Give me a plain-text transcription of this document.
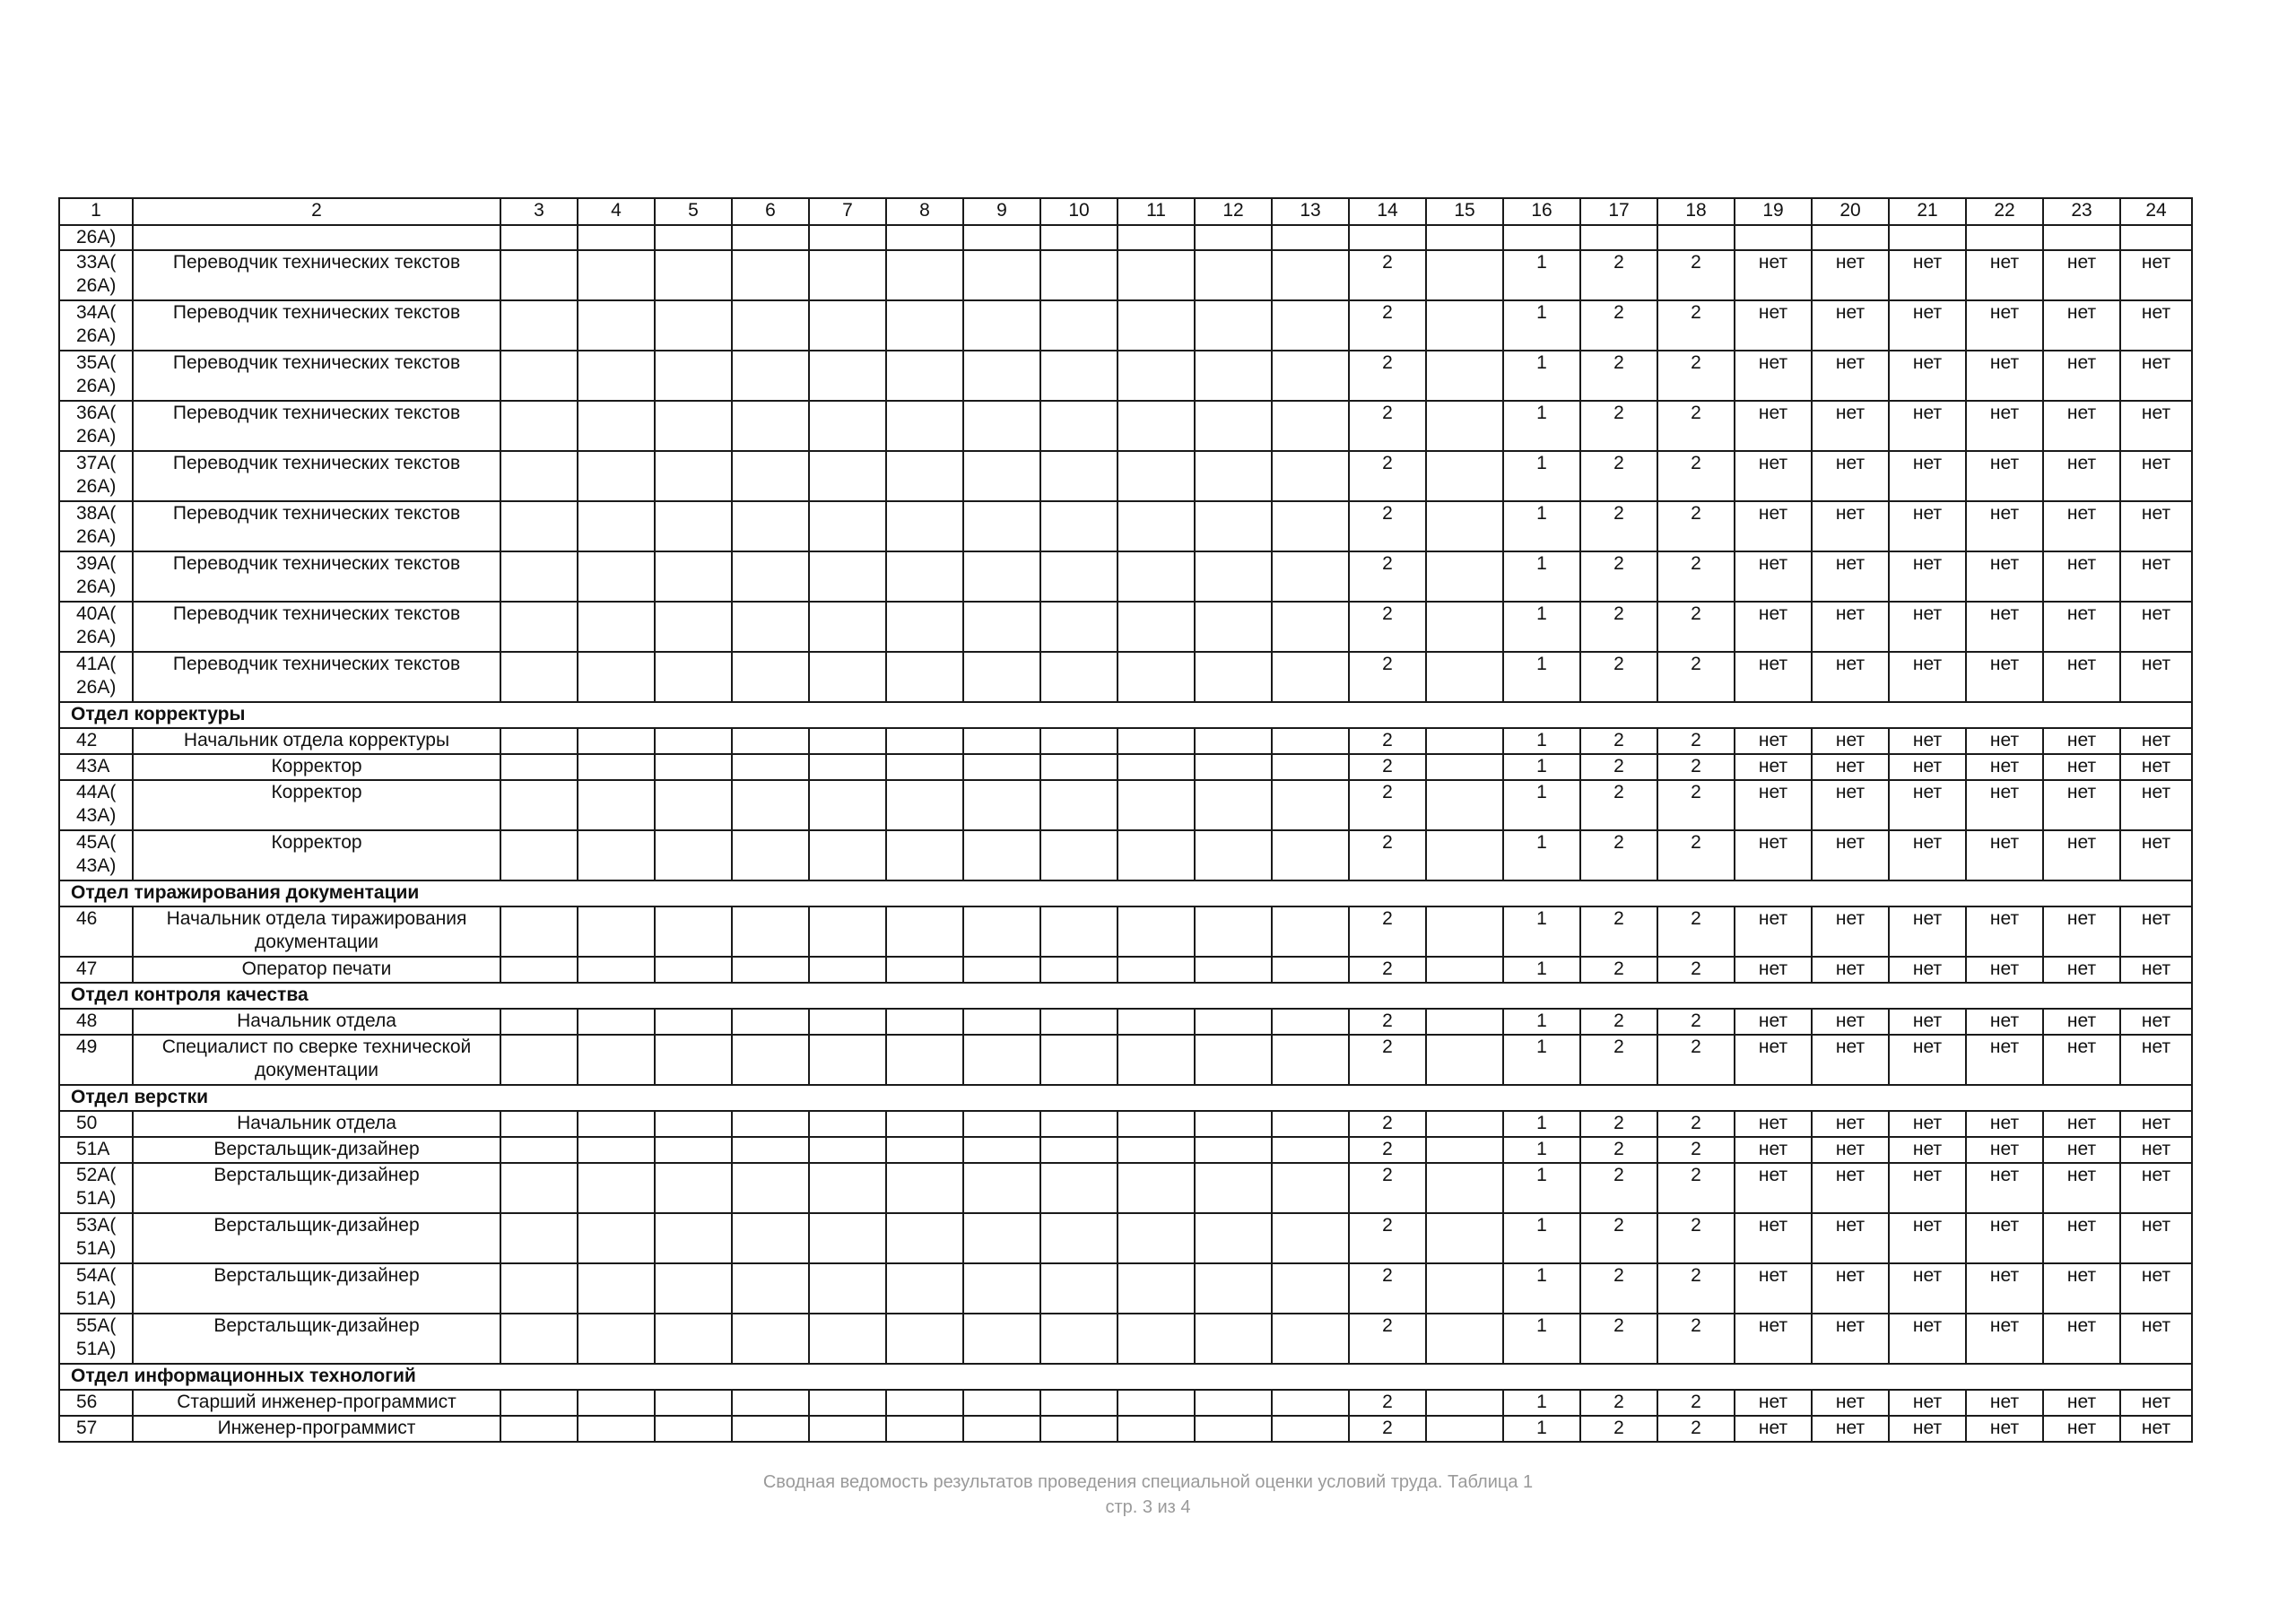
1	2	3	4	5	6	7	8	9	10	11	12	13	14	15	16	17	18	19	20	21	22	23	24
26А)																							
33А( 26А)	Переводчик технических текстов												2		1	2	2	нет	нет	нет	нет	нет	нет
34А( 26А)	Переводчик технических текстов												2		1	2	2	нет	нет	нет	нет	нет	нет
35А( 26А)	Переводчик технических текстов												2		1	2	2	нет	нет	нет	нет	нет	нет
36А( 26А)	Переводчик технических текстов												2		1	2	2	нет	нет	нет	нет	нет	нет
37А( 26А)	Переводчик технических текстов												2		1	2	2	нет	нет	нет	нет	нет	нет
38А( 26А)	Переводчик технических текстов												2		1	2	2	нет	нет	нет	нет	нет	нет
39А( 26А)	Переводчик технических текстов												2		1	2	2	нет	нет	нет	нет	нет	нет
40А( 26А)	Переводчик технических текстов												2		1	2	2	нет	нет	нет	нет	нет	нет
41А( 26А)	Переводчик технических текстов												2		1	2	2	нет	нет	нет	нет	нет	нет
Отдел корректуры																							
42	Начальник отдела корректуры												2		1	2	2	нет	нет	нет	нет	нет	нет
43А	Корректор												2		1	2	2	нет	нет	нет	нет	нет	нет
44А( 43А)	Корректор												2		1	2	2	нет	нет	нет	нет	нет	нет
45А( 43А)	Корректор												2		1	2	2	нет	нет	нет	нет	нет	нет
Отдел тиражирования документации																							
46	Начальник отдела тиражирования документации												2		1	2	2	нет	нет	нет	нет	нет	нет
47	Оператор печати												2		1	2	2	нет	нет	нет	нет	нет	нет
Отдел контроля качества																							
48	Начальник отдела												2		1	2	2	нет	нет	нет	нет	нет	нет
49	Специалист по сверке технической документации												2		1	2	2	нет	нет	нет	нет	нет	нет
Отдел верстки																							
50	Начальник отдела												2		1	2	2	нет	нет	нет	нет	нет	нет
51А	Верстальщик-дизайнер												2		1	2	2	нет	нет	нет	нет	нет	нет
52А( 51А)	Верстальщик-дизайнер												2		1	2	2	нет	нет	нет	нет	нет	нет
53А( 51А)	Верстальщик-дизайнер												2		1	2	2	нет	нет	нет	нет	нет	нет
54А( 51А)	Верстальщик-дизайнер												2		1	2	2	нет	нет	нет	нет	нет	нет
55А( 51А)	Верстальщик-дизайнер												2		1	2	2	нет	нет	нет	нет	нет	нет
Отдел информационных технологий																							
56	Старший инженер-программист												2		1	2	2	нет	нет	нет	нет	нет	нет
57	Инженер-программист												2		1	2	2	нет	нет	нет	нет	нет	нет
Сводная ведомость результатов проведения специальной оценки условий труда. Таблица 1
стр. 3 из 4
